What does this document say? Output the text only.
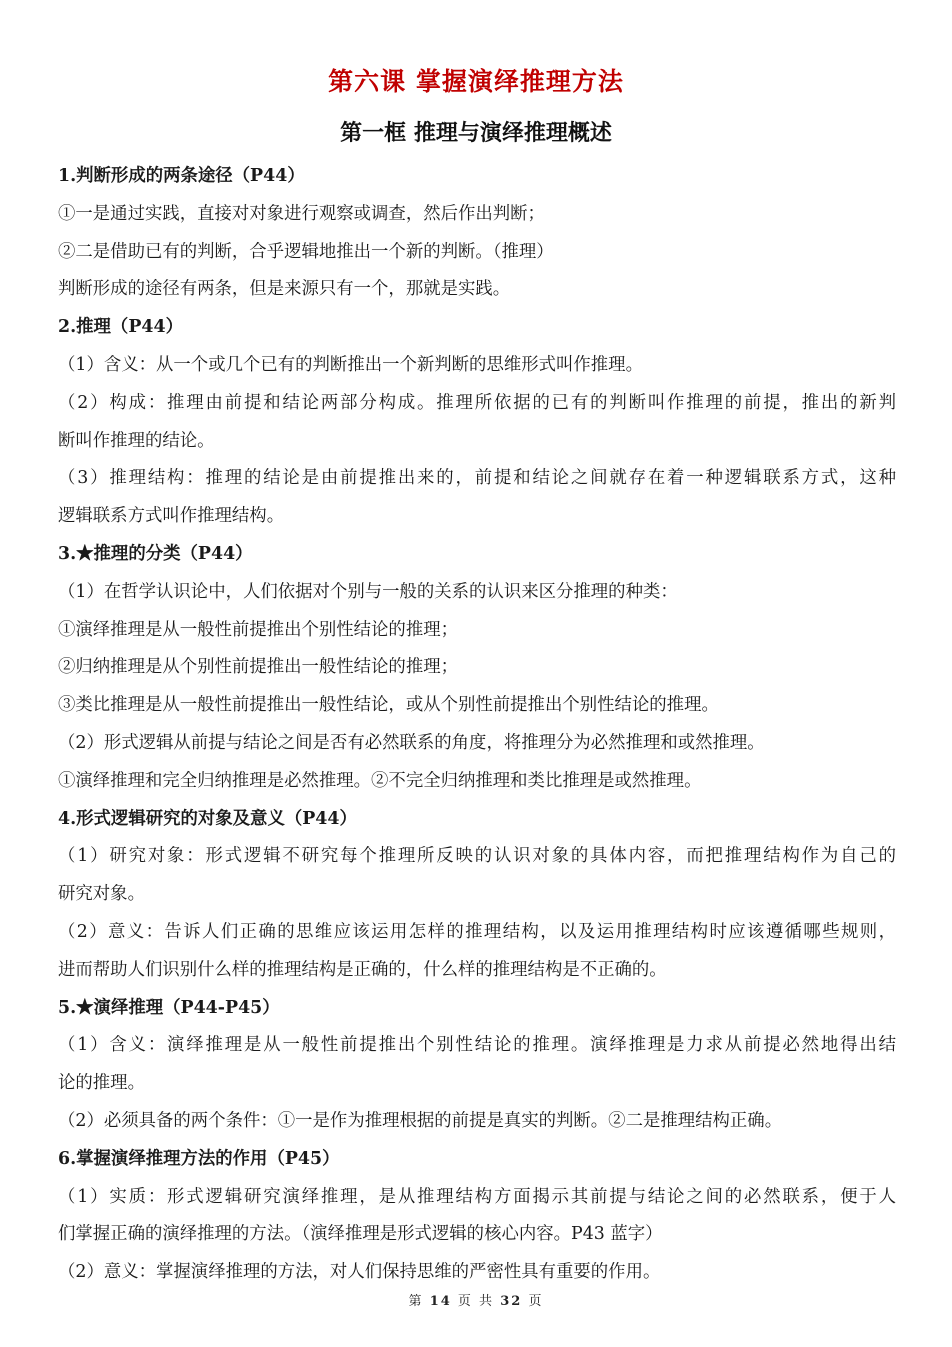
第六课 掌握演绎推理方法
第一框 推理与演绎推理概述
1.判断形成的两条途径（P44）
①一是通过实践，直接对对象进行观察或调查，然后作出判断；
②二是借助已有的判断，合乎逻辑地推出一个新的判断。（推理）
判断形成的途径有两条，但是来源只有一个，那就是实践。
2.推理（P44）
（1）含义：从一个或几个已有的判断推出一个新判断的思维形式叫作推理。
（2）构成：推理由前提和结论两部分构成。推理所依据的已有的判断叫作推理的前提，推出的新判
断叫作推理的结论。
（3）推理结构：推理的结论是由前提推出来的，前提和结论之间就存在着一种逻辑联系方式，这种
逻辑联系方式叫作推理结构。
3.★推理的分类（P44）
（1）在哲学认识论中，人们依据对个别与一般的关系的认识来区分推理的种类：
①演绎推理是从一般性前提推出个别性结论的推理；
②归纳推理是从个别性前提推出一般性结论的推理；
③类比推理是从一般性前提推出一般性结论，或从个别性前提推出个别性结论的推理。
（2）形式逻辑从前提与结论之间是否有必然联系的角度，将推理分为必然推理和或然推理。
①演绎推理和完全归纳推理是必然推理。②不完全归纳推理和类比推理是或然推理。
4.形式逻辑研究的对象及意义（P44）
（1）研究对象：形式逻辑不研究每个推理所反映的认识对象的具体内容，而把推理结构作为自己的
研究对象。
（2）意义：告诉人们正确的思维应该运用怎样的推理结构，以及运用推理结构时应该遵循哪些规则，
进而帮助人们识别什么样的推理结构是正确的，什么样的推理结构是不正确的。
5.★演绎推理（P44-P45）
（1）含义：演绎推理是从一般性前提推出个别性结论的推理。演绎推理是力求从前提必然地得出结
论的推理。
（2）必须具备的两个条件：①一是作为推理根据的前提是真实的判断。②二是推理结构正确。
6.掌握演绎推理方法的作用（P45）
（1）实质：形式逻辑研究演绎推理，是从推理结构方面揭示其前提与结论之间的必然联系，便于人
们掌握正确的演绎推理的方法。（演绎推理是形式逻辑的核心内容。P43 蓝字）
（2）意义：掌握演绎推理的方法，对人们保持思维的严密性具有重要的作用。
第 14 页 共 32 页
